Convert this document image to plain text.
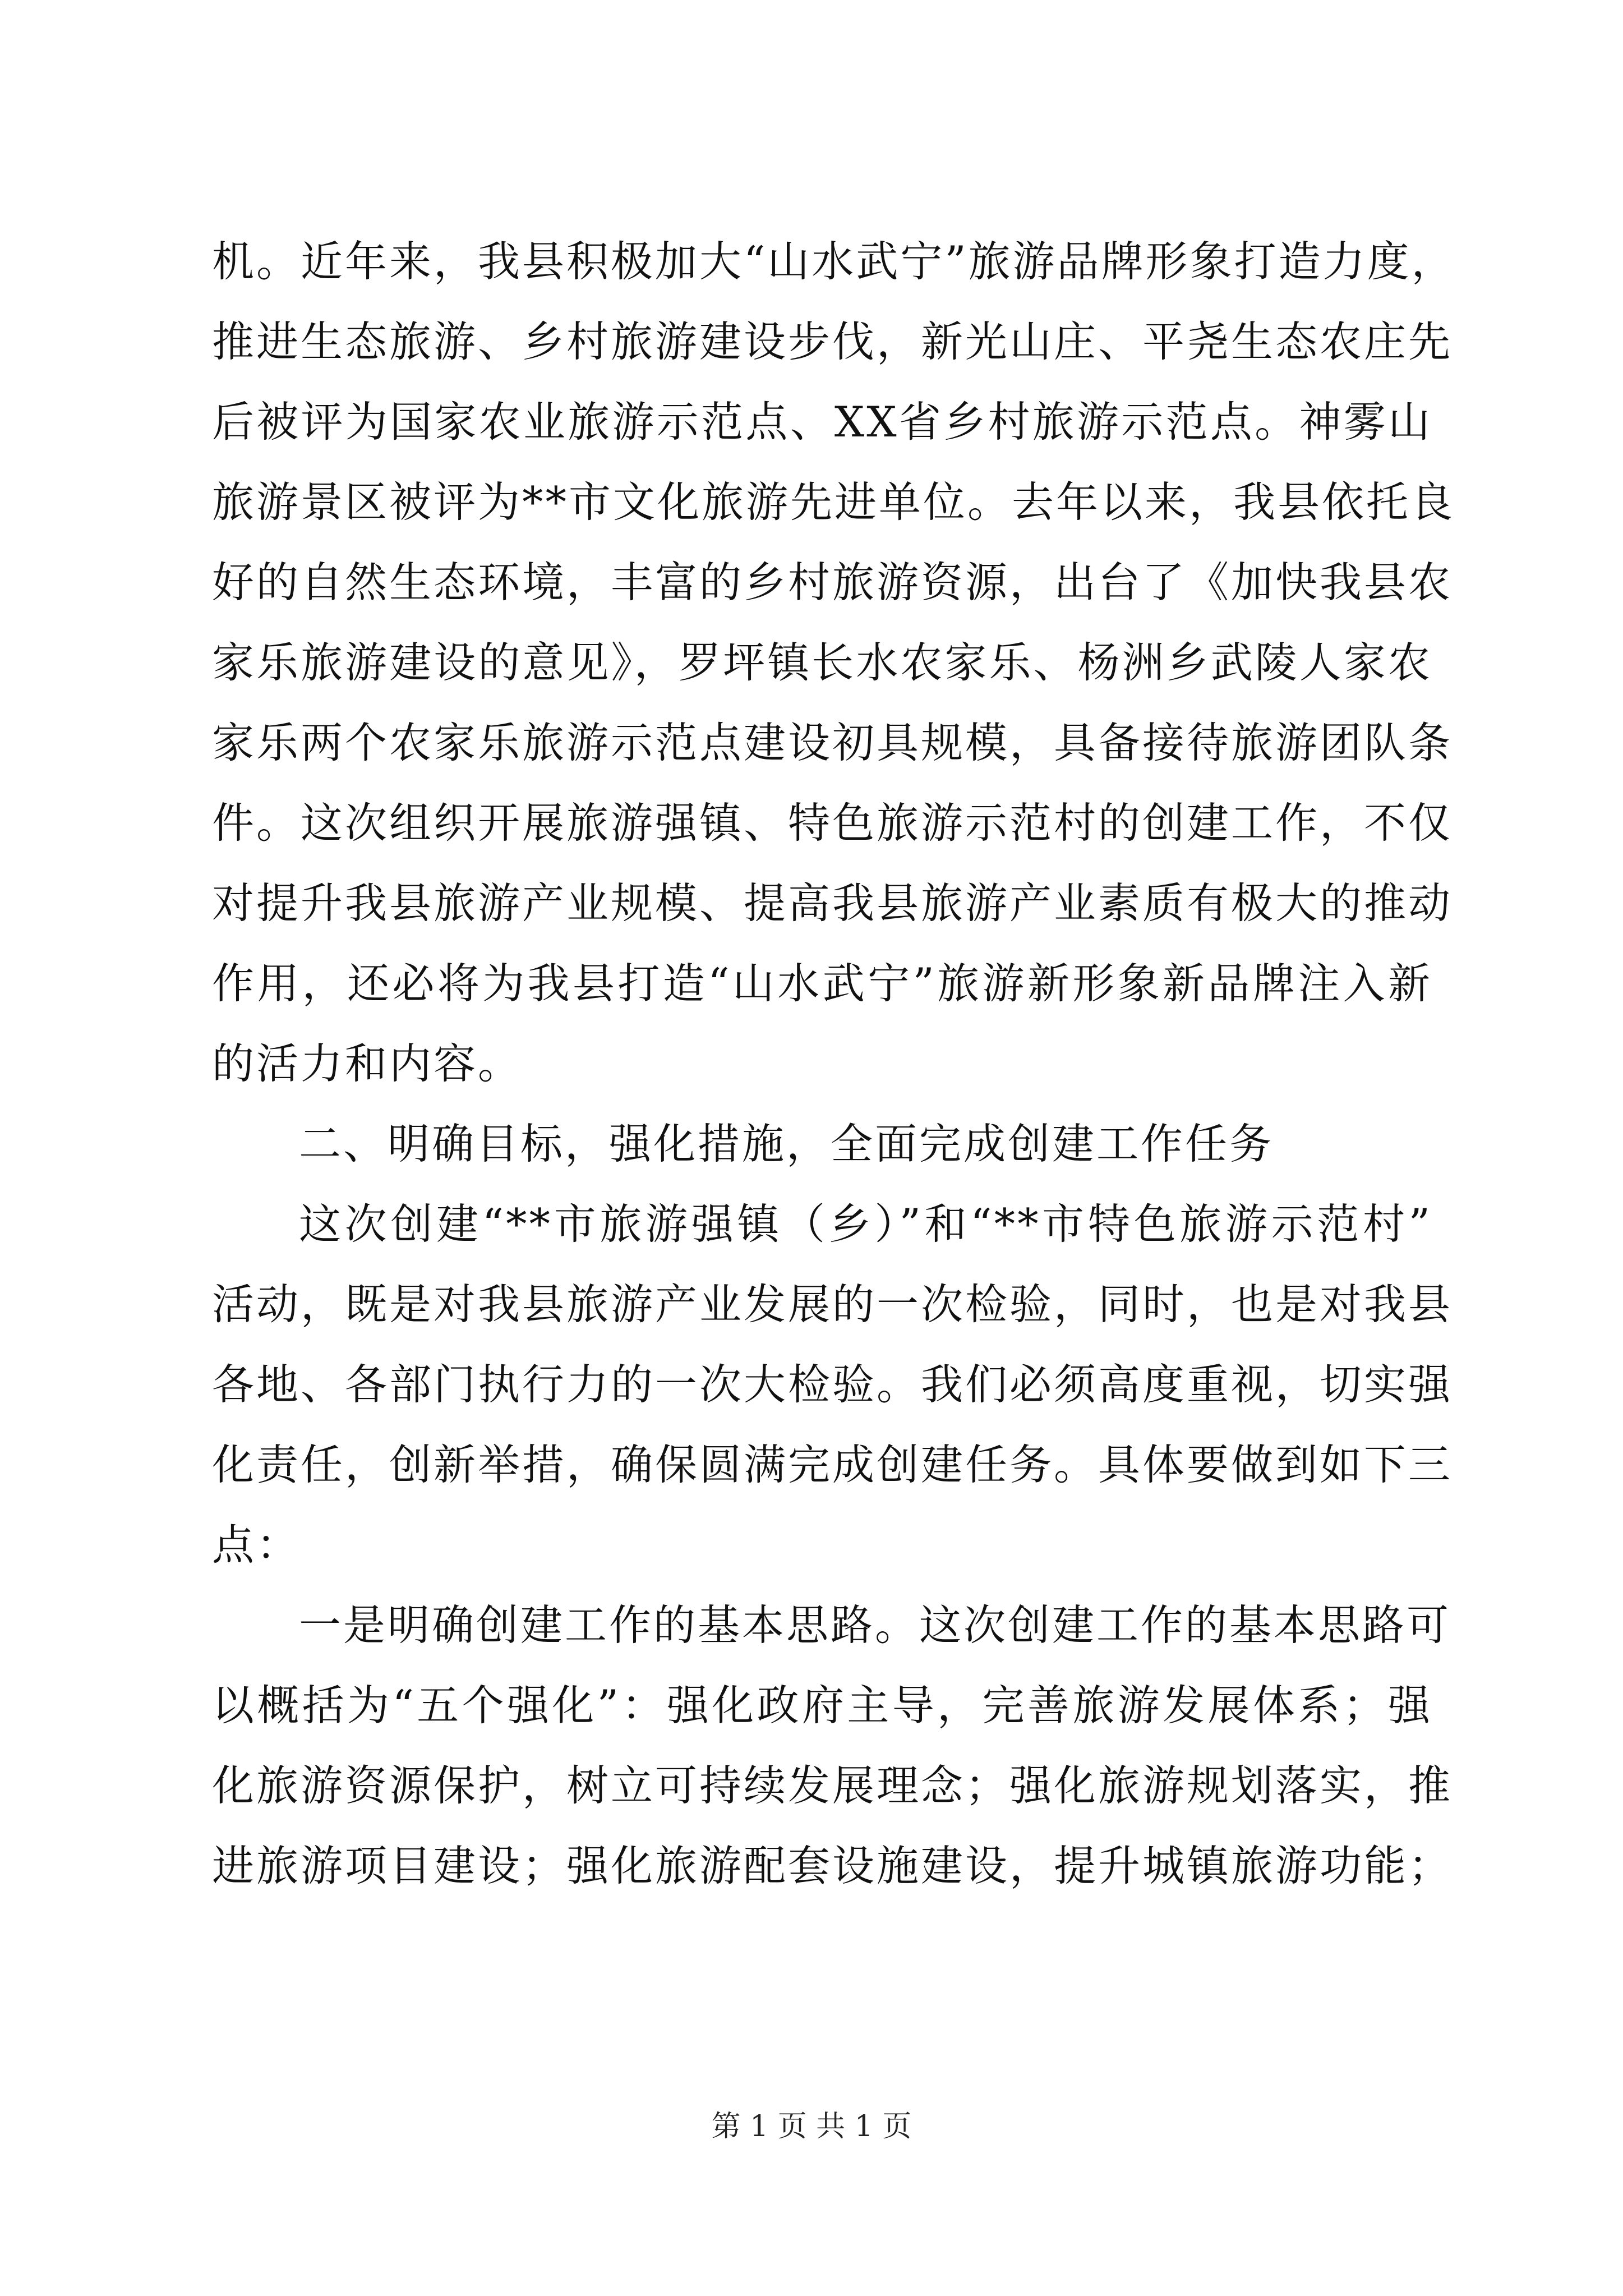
机。近年来，我县积极加大“山水武宁”旅游品牌形象打造力度，
推进生态旅游、乡村旅游建设步伐，新光山庄、平尧生态农庄先
后被评为国家农业旅游示范点、XX省乡村旅游示范点。神雾山
旅游景区被评为**市文化旅游先进单位。去年以来，我县依托良
好的自然生态环境，丰富的乡村旅游资源，出台了《加快我县农
家乐旅游建设的意见》，罗坪镇长水农家乐、杨洲乡武陵人家农
家乐两个农家乐旅游示范点建设初具规模，具备接待旅游团队条
件。这次组织开展旅游强镇、特色旅游示范村的创建工作，不仅
对提升我县旅游产业规模、提高我县旅游产业素质有极大的推动
作用，还必将为我县打造“山水武宁”旅游新形象新品牌注入新
的活力和内容。
二、明确目标，强化措施，全面完成创建工作任务
这次创建“**市旅游强镇（乡）”和“**市特色旅游示范村”
活动，既是对我县旅游产业发展的一次检验，同时，也是对我县
各地、各部门执行力的一次大检验。我们必须高度重视，切实强
化责任，创新举措，确保圆满完成创建任务。具体要做到如下三
点：
一是明确创建工作的基本思路。这次创建工作的基本思路可
以概括为“五个强化”：强化政府主导，完善旅游发展体系；强
化旅游资源保护，树立可持续发展理念；强化旅游规划落实，推
进旅游项目建设；强化旅游配套设施建设，提升城镇旅游功能；
第 1 页 共 1 页
